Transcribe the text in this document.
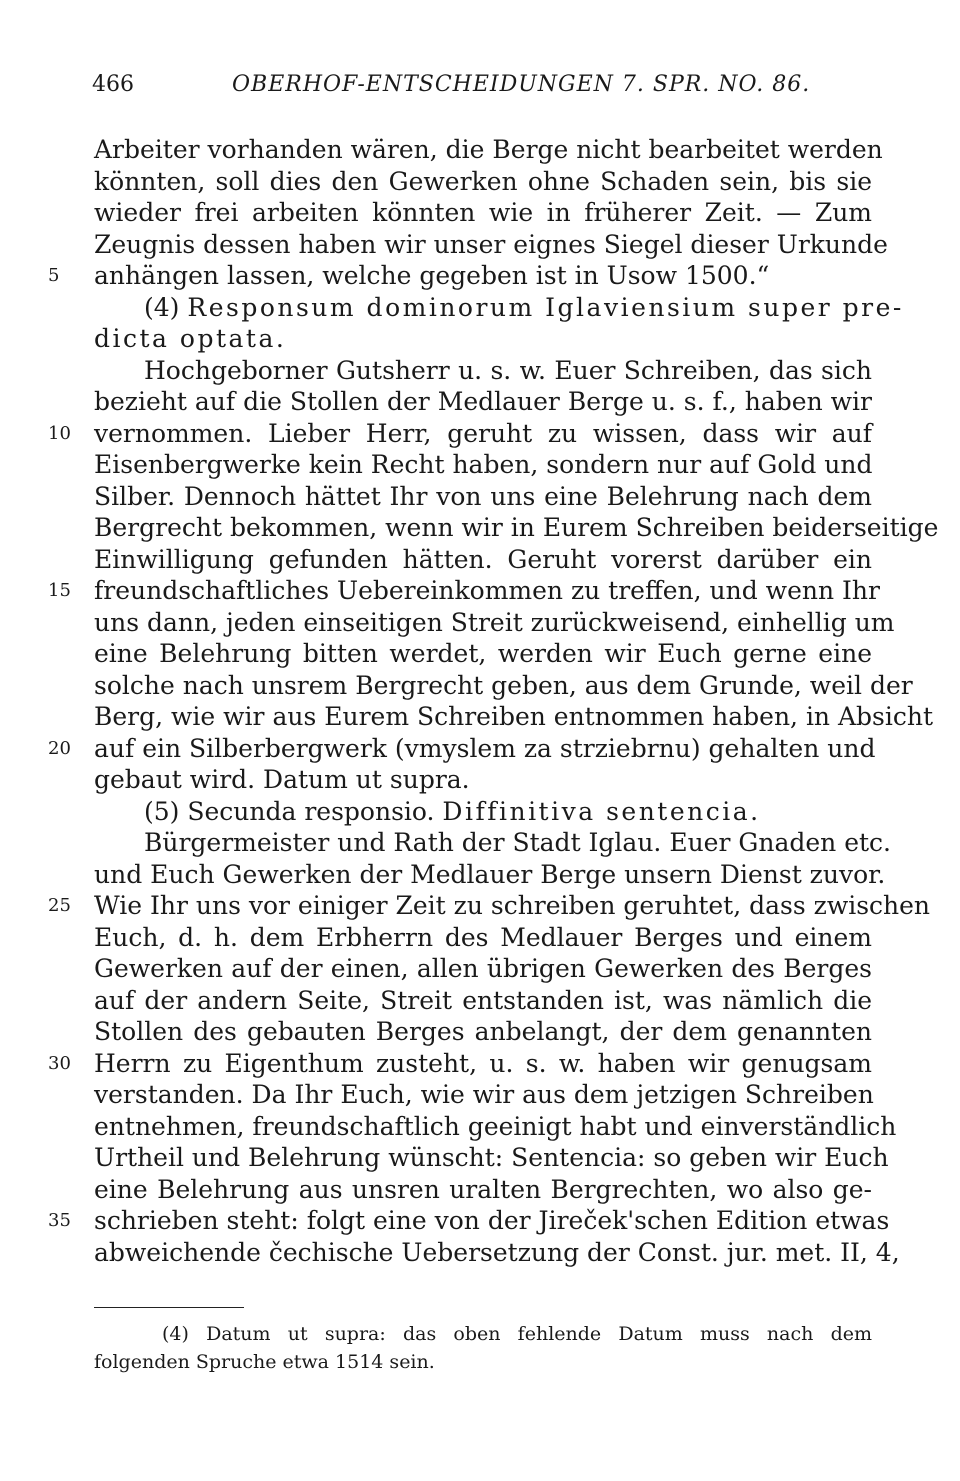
466	OBERHOF-ENTSCHEIDUNGEN 7. SPR. NO. 86.
Arbeiter vorhanden wären, die Berge nicht bearbeitet werden
könnten, soll dies den Gewerken ohne Schaden sein, bis sie
wieder frei arbeiten könnten wie in früherer Zeit. — Zum
Zeugnis dessen haben wir unser eignes Siegel dieser Urkunde
5	anhängen lassen, welche gegeben ist in Usow 1500.“
(4) Responsum dominorum Iglaviensium super pre-
dicta optata.
Hochgeborner Gutsherr u. s. w. Euer Schreiben, das sich
bezieht auf die Stollen der Medlauer Berge u. s. f., haben wir
10 vernommen. Lieber Herr, geruht zu wissen, dass wir auf
Eisenbergwerke kein Recht haben, sondern nur auf Gold und
Silber. Dennoch hättet Ihr von uns eine Belehrung nach dem
Bergrecht bekommen, wenn wir in Eurem Schreiben beiderseitige
Einwilligung gefunden hätten. Geruht vorerst darüber ein
15 freundschaftliches Uebereinkommen zu treffen, und wenn Ihr
uns dann, jeden einseitigen Streit zurückweisend, einhellig um
eine Belehrung bitten werdet, werden wir Euch gerne eine
solche nach unsrem Bergrecht geben, aus dem Grunde, weil der
Berg, wie wir aus Eurem Schreiben entnommen haben, in Absicht
20 auf ein Silberbergwerk (vmyslem za strziebrnu) gehalten und
gebaut wird. Datum ut supra.
(5) Secunda responsio. Diffinitiva sentencia.
Bürgermeister und Rath der Stadt Iglau. Euer Gnaden etc.
und Euch Gewerken der Medlauer Berge unsern Dienst zuvor.
25 Wie Ihr uns vor einiger Zeit zu schreiben geruhtet, dass zwischen
Euch, d. h. dem Erbherrn des Medlauer Berges und einem
Gewerken auf der einen, allen übrigen Gewerken des Berges
auf der andern Seite, Streit entstanden ist, was nämlich die
Stollen des gebauten Berges anbelangt, der dem genannten
30 Herrn zu Eigenthum zusteht, u. s. w. haben wir genugsam
verstanden. Da Ihr Euch, wie wir aus dem jetzigen Schreiben
entnehmen, freundschaftlich geeinigt habt und einverständlich
Urtheil und Belehrung wünscht: Sentencia: so geben wir Euch
eine Belehrung aus unsren uralten Bergrechten, wo also ge-
35 schrieben steht: folgt eine von der Jireček'schen Edition etwas
abweichende čechische Uebersetzung der Const. jur. met. II, 4,
(4) Datum ut supra: das oben fehlende Datum muss nach dem
folgenden Spruche etwa 1514 sein.
